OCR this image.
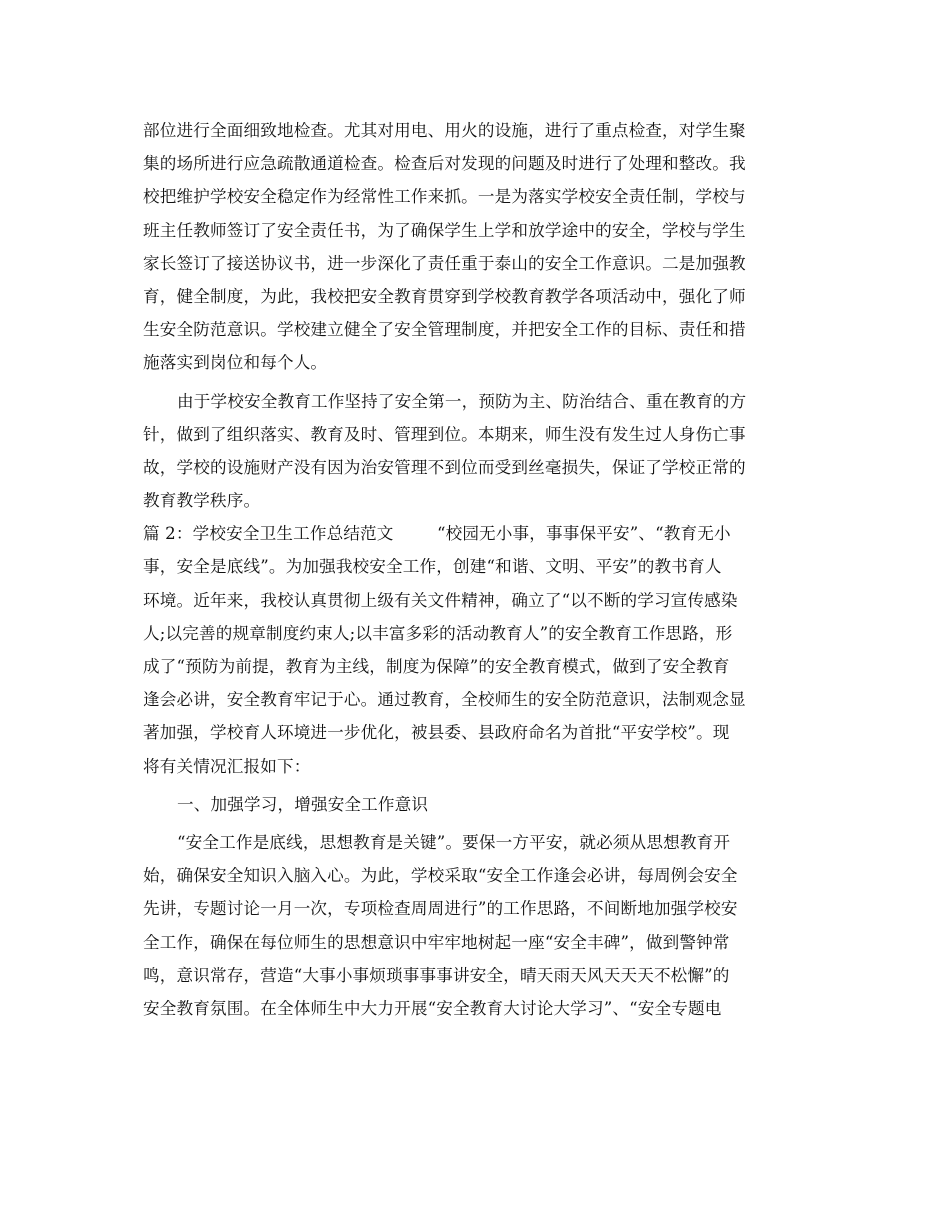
部位进行全面细致地检查。尤其对用电、用火的设施，进行了重点检查，对学生聚
集的场所进行应急疏散通道检查。检查后对发现的问题及时进行了处理和整改。我
校把维护学校安全稳定作为经常性工作来抓。一是为落实学校安全责任制，学校与
班主任教师签订了安全责任书，为了确保学生上学和放学途中的安全，学校与学生
家长签订了接送协议书，进一步深化了责任重于泰山的安全工作意识。二是加强教
育，健全制度，为此，我校把安全教育贯穿到学校教育教学各项活动中，强化了师
生安全防范意识。学校建立健全了安全管理制度，并把安全工作的目标、责任和措
施落实到岗位和每个人。
由于学校安全教育工作坚持了安全第一，预防为主、防治结合、重在教育的方
针，做到了组织落实、教育及时、管理到位。本期来，师生没有发生过人身伤亡事
故，学校的设施财产没有因为治安管理不到位而受到丝毫损失，保证了学校正常的
教育教学秩序。
篇 2：学校安全卫生工作总结范文        “校园无小事，事事保平安”、“教育无小
事，安全是底线”。为加强我校安全工作，创建“和谐、文明、平安”的教书育人
环境。近年来，我校认真贯彻上级有关文件精神，确立了“以不断的学习宣传感染
人;以完善的规章制度约束人;以丰富多彩的活动教育人”的安全教育工作思路，形
成了“预防为前提，教育为主线，制度为保障”的安全教育模式，做到了安全教育
逢会必讲，安全教育牢记于心。通过教育，全校师生的安全防范意识，法制观念显
著加强，学校育人环境进一步优化，被县委、县政府命名为首批“平安学校”。现
将有关情况汇报如下：
一、加强学习，增强安全工作意识
“安全工作是底线，思想教育是关键”。要保一方平安，就必须从思想教育开
始，确保安全知识入脑入心。为此，学校采取“安全工作逢会必讲，每周例会安全
先讲，专题讨论一月一次，专项检查周周进行”的工作思路，不间断地加强学校安
全工作，确保在每位师生的思想意识中牢牢地树起一座“安全丰碑”，做到警钟常
鸣，意识常存，营造“大事小事烦琐事事事讲安全，晴天雨天风天天天不松懈”的
安全教育氛围。在全体师生中大力开展“安全教育大讨论大学习”、“安全专题电
